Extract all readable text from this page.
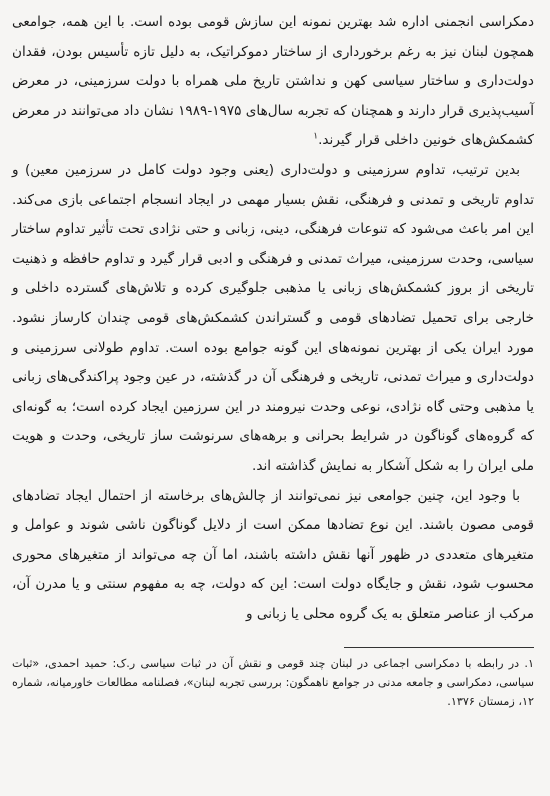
دمکراسی انجمنی اداره شد بهترین نمونه این سازش قومی بوده است. با این همه، جوامعی همچون لبنان نیز به رغم برخورداری از ساختار دموکراتیک، به دلیل تازه تأسیس بودن، فقدان دولت‌داری و ساختار سیاسی کهن و نداشتن تاریخ ملی همراه با دولت سرزمینی، در معرض آسیب‌پذیری قرار دارند و همچنان که تجربه سال‌های ۱۹۷۵-۱۹۸۹ نشان داد می‌توانند در معرض کشمکش‌های خونین داخلی قرار گیرند.$^۱$

بدین ترتیب، تداوم سرزمینی و دولت‌داری (یعنی وجود دولت کامل در سرزمین معین) و تداوم تاریخی و تمدنی و فرهنگی، نقش بسیار مهمی در ایجاد انسجام اجتماعی بازی می‌کند. این امر باعث می‌شود که تنوعات فرهنگی، دینی، زبانی و حتی نژادی تحت تأثیر تداوم ساختار سیاسی، وحدت سرزمینی، میراث تمدنی و فرهنگی و ادبی قرار گیرد و تداوم حافظه و ذهنیت تاریخی از بروز کشمکش‌های زبانی یا مذهبی جلوگیری کرده و تلاش‌های گسترده داخلی و خارجی برای تحمیل تضادهای قومی و گستراندن کشمکش‌های قومی چندان کارساز نشود. مورد ایران یکی از بهترین نمونه‌های این گونه جوامع بوده است. تداوم طولانی سرزمینی و دولت‌داری و میراث تمدنی، تاریخی و فرهنگی آن در گذشته، در عین وجود پراکندگی‌های زبانی یا مذهبی وحتی گاه نژادی، نوعی وحدت نیرومند در این سرزمین ایجاد کرده است؛ به گونه‌ای که گروه‌های گوناگون در شرایط بحرانی و برهه‌های سرنوشت ساز تاریخی، وحدت و هویت ملی ایران را به شکل آشکار به نمایش گذاشته اند.

با وجود این، چنین جوامعی نیز نمی‌توانند از چالش‌های برخاسته از احتمال ایجاد تضادهای قومی مصون باشند. این نوع تضادها ممکن است از دلایل گوناگون ناشی شوند و عوامل و متغیرهای متعددی در ظهور آنها نقش داشته باشند، اما آن چه می‌تواند از متغیرهای محوری محسوب شود، نقش و جایگاه دولت است: این که دولت، چه به مفهوم سنتی و یا مدرن آن، مرکب از عناصر متعلق به یک گروه محلی یا زبانی و

۱. در رابطه با دمکراسی اجماعی در لبنان چند قومی و نقش آن در ثبات سیاسی ر.ک: حمید احمدی، «ثبات سیاسی، دمکراسی و جامعه مدنی در جوامع ناهمگون: بررسی تجربه لبنان»، فصلنامه مطالعات خاورمیانه، شماره ۱۲، زمستان ۱۳۷۶.
